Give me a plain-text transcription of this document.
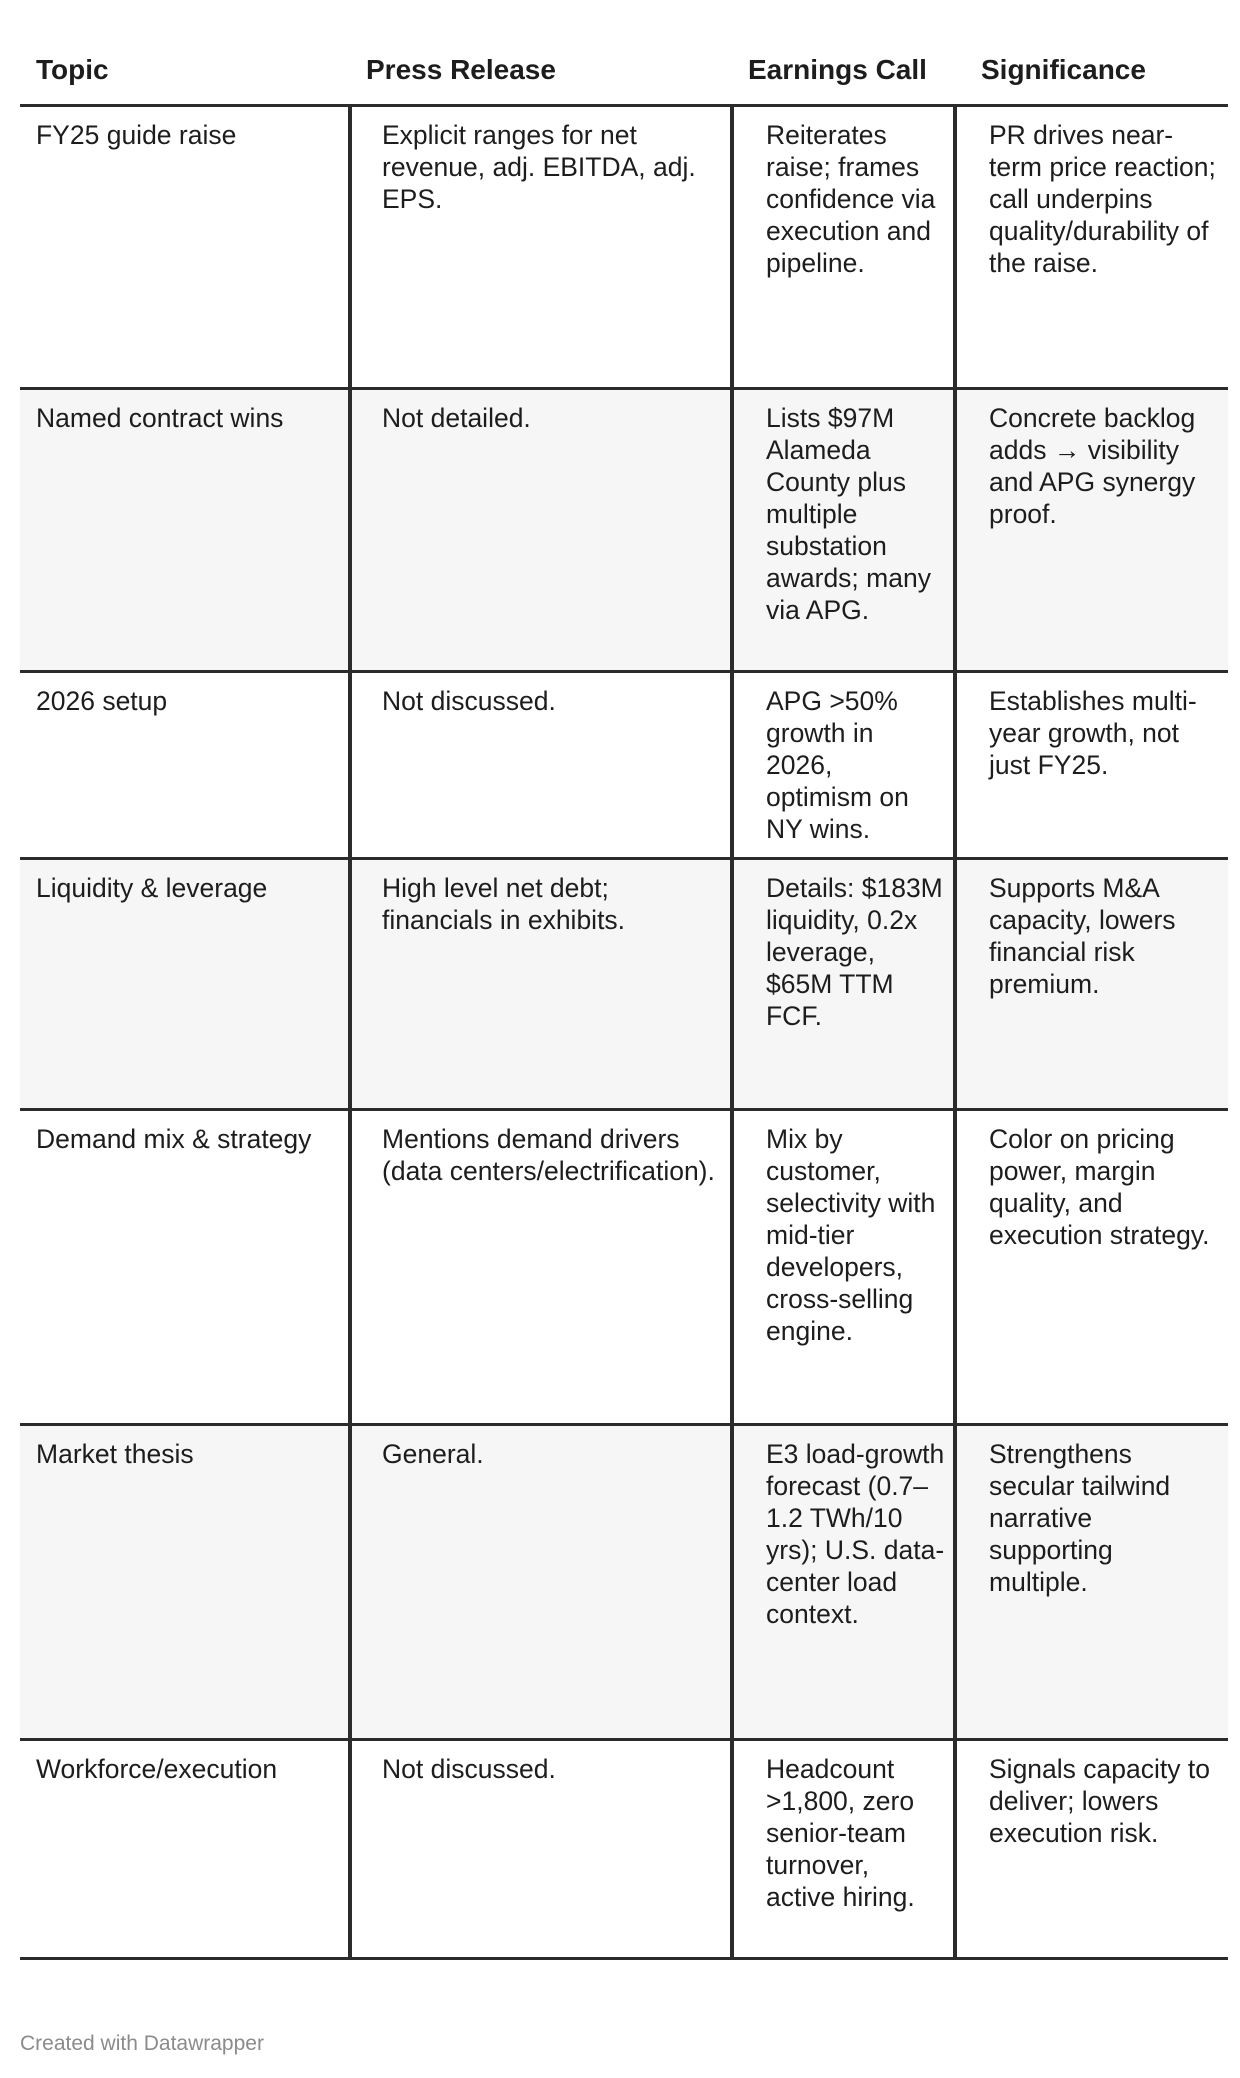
Topic	Press Release	Earnings Call	Significance
FY25 guide raise	Explicit ranges for net revenue, adj. EBITDA, adj. EPS.	Reiterates raise; frames confidence via execution and pipeline.	PR drives near-term price reaction; call underpins quality/durability of the raise.
Named contract wins	Not detailed.	Lists $97M Alameda County plus multiple substation awards; many via APG.	Concrete backlog adds → visibility and APG synergy proof.
2026 setup	Not discussed.	APG >50% growth in 2026, optimism on NY wins.	Establishes multi-year growth, not just FY25.
Liquidity & leverage	High level net debt; financials in exhibits.	Details: $183M liquidity, 0.2x leverage, $65M TTM FCF.	Supports M&A capacity, lowers financial risk premium.
Demand mix & strategy	Mentions demand drivers (data centers/electrification).	Mix by customer, selectivity with mid-tier developers, cross-selling engine.	Color on pricing power, margin quality, and execution strategy.
Market thesis	General.	E3 load-growth forecast (0.7–1.2 TWh/10 yrs); U.S. data-center load context.	Strengthens secular tailwind narrative supporting multiple.
Workforce/execution	Not discussed.	Headcount >1,800, zero senior-team turnover, active hiring.	Signals capacity to deliver; lowers execution risk.
Created with Datawrapper
